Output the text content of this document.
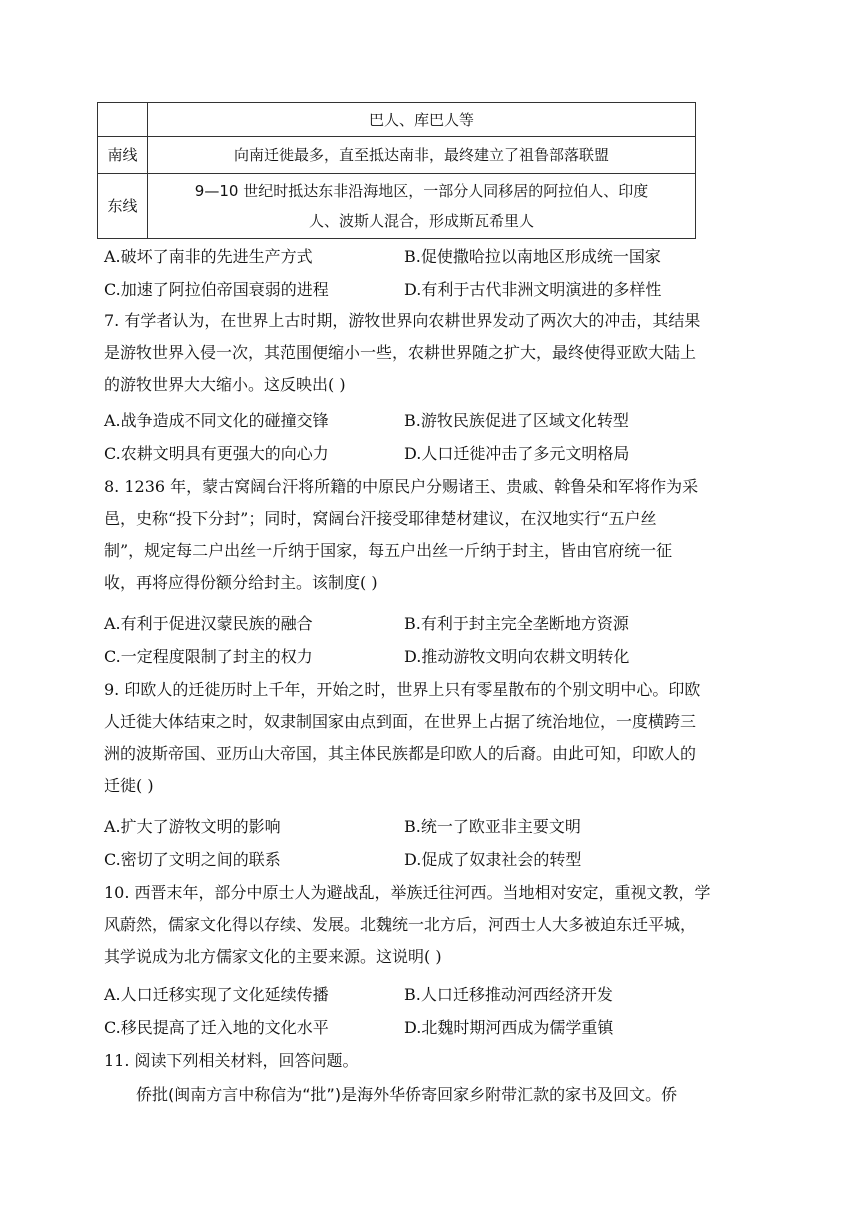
	巴人、库巴人等
南线	向南迁徙最多，直至抵达南非，最终建立了祖鲁部落联盟
东线	9—10 世纪时抵达东非沿海地区，一部分人同移居的阿拉伯人、印度
人、波斯人混合，形成斯瓦希里人
A.破坏了南非的先进生产方式	B.促使撒哈拉以南地区形成统一国家
C.加速了阿拉伯帝国衰弱的进程	D.有利于古代非洲文明演进的多样性
7. 有学者认为，在世界上古时期，游牧世界向农耕世界发动了两次大的冲击，其结果
是游牧世界入侵一次，其范围便缩小一些，农耕世界随之扩大，最终使得亚欧大陆上
的游牧世界大大缩小。这反映出( )
A.战争造成不同文化的碰撞交锋	B.游牧民族促进了区域文化转型
C.农耕文明具有更强大的向心力	D.人口迁徙冲击了多元文明格局
8. 1236 年，蒙古窝阔台汗将所籍的中原民户分赐诸王、贵戚、斡鲁朵和军将作为采
邑，史称“投下分封”；同时，窝阔台汗接受耶律楚材建议，在汉地实行“五户丝
制”，规定每二户出丝一斤纳于国家，每五户出丝一斤纳于封主，皆由官府统一征
收，再将应得份额分给封主。该制度( )
A.有利于促进汉蒙民族的融合	B.有利于封主完全垄断地方资源
C.一定程度限制了封主的权力	D.推动游牧文明向农耕文明转化
9. 印欧人的迁徙历时上千年，开始之时，世界上只有零星散布的个别文明中心。印欧
人迁徙大体结束之时，奴隶制国家由点到面，在世界上占据了统治地位，一度横跨三
洲的波斯帝国、亚历山大帝国，其主体民族都是印欧人的后裔。由此可知，印欧人的
迁徙( )
A.扩大了游牧文明的影响	B.统一了欧亚非主要文明
C.密切了文明之间的联系	D.促成了奴隶社会的转型
10. 西晋末年，部分中原士人为避战乱，举族迁往河西。当地相对安定，重视文教，学
风蔚然，儒家文化得以存续、发展。北魏统一北方后，河西士人大多被迫东迁平城，
其学说成为北方儒家文化的主要来源。这说明( )
A.人口迁移实现了文化延续传播	B.人口迁移推动河西经济开发
C.移民提高了迁入地的文化水平	D.北魏时期河西成为儒学重镇
11. 阅读下列相关材料，回答问题。
侨批(闽南方言中称信为“批”)是海外华侨寄回家乡附带汇款的家书及回文。侨
